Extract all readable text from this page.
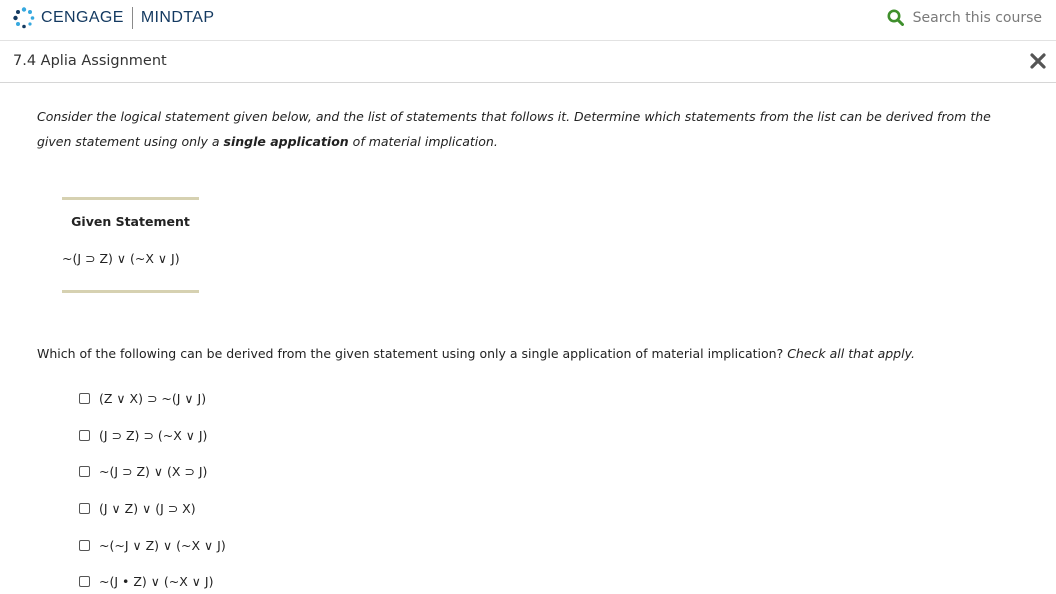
CENGAGE MINDTAP	Search this course
7.4 Aplia Assignment
Consider the logical statement given below, and the list of statements that follows it. Determine which statements from the list can be derived from the given statement using only a single application of material implication.
Given Statement
~(J ⊃ Z) ∨ (~X ∨ J)
Which of the following can be derived from the given statement using only a single application of material implication? Check all that apply.
(Z ∨ X) ⊃ ~(J ∨ J)
(J ⊃ Z) ⊃ (~X ∨ J)
~(J ⊃ Z) ∨ (X ⊃ J)
(J ∨ Z) ∨ (J ⊃ X)
~(~J ∨ Z) ∨ (~X ∨ J)
~(J • Z) ∨ (~X ∨ J)
